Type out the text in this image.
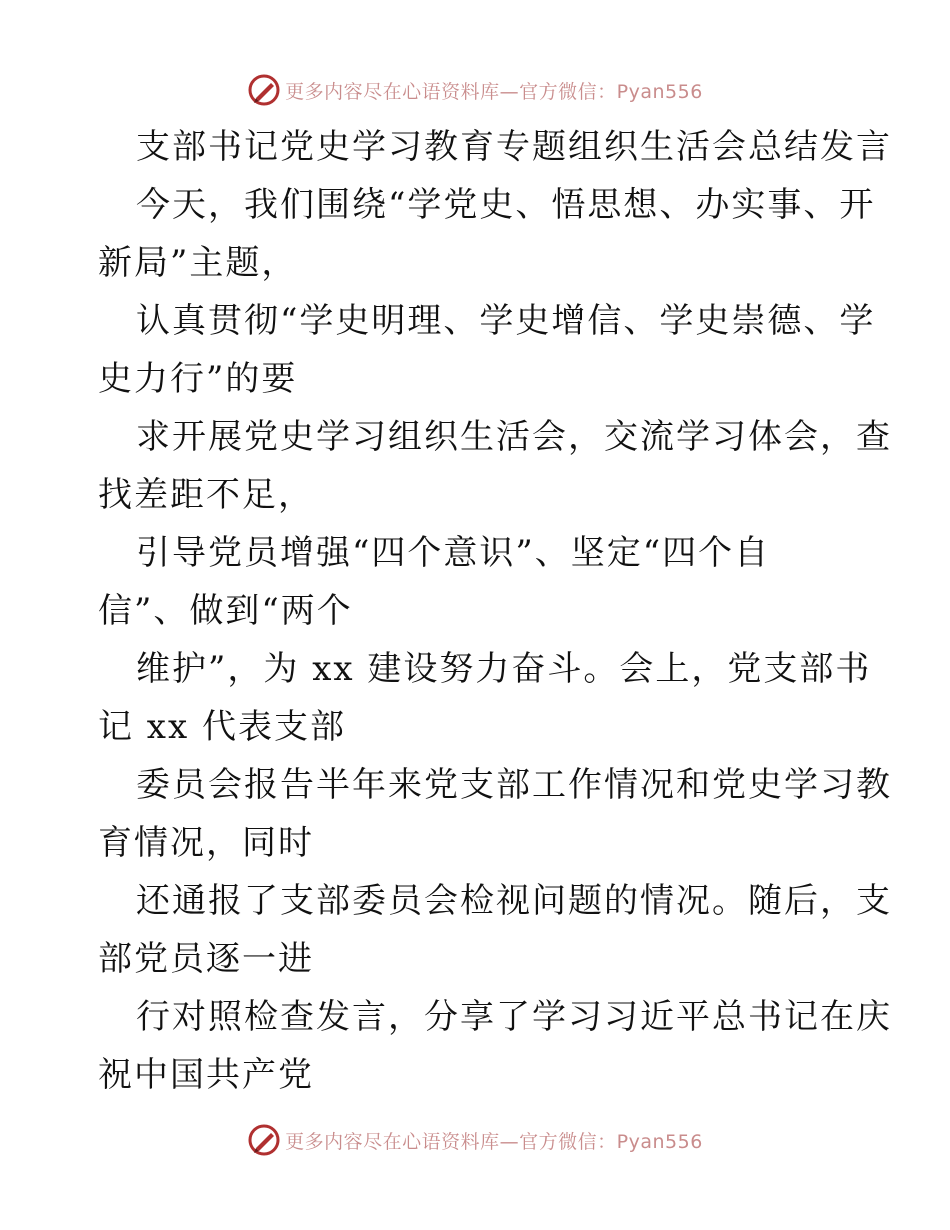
更多内容尽在心语资料库—官方微信：Pyan556
支部书记党史学习教育专题组织生活会总结发言
今天，我们围绕“学党史、悟思想、办实事、开
新局”主题，
认真贯彻“学史明理、学史增信、学史崇德、学
史力行”的要
求开展党史学习组织生活会，交流学习体会，查
找差距不足，
引导党员增强“四个意识”、坚定“四个自
信”、做到“两个
维护”，为 xx 建设努力奋斗。会上，党支部书
记 xx 代表支部
委员会报告半年来党支部工作情况和党史学习教
育情况，同时
还通报了支部委员会检视问题的情况。随后，支
部党员逐一进
行对照检查发言，分享了学习习近平总书记在庆
祝中国共产党
更多内容尽在心语资料库—官方微信：Pyan556
